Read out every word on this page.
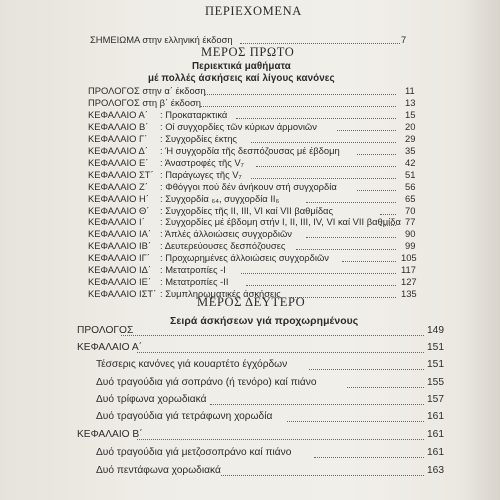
ΠΕΡΙΕΧΟΜΕΝΑ
ΣΗΜΕΙΩΜΑ στην ελληνική έκδοση	7
ΜΕΡΟΣ ΠΡΩΤΟ
Περιεκτικά μαθήματα
μέ πολλές άσκήσεις καί λίγους κανόνες
ΠΡΟΛΟΓΟΣ στην α΄ έκδοση	11
ΠΡΟΛΟΓΟΣ στη β΄ έκδοση	13
ΚΕΦΑΛΑΙΟ Α΄ : Προκαταρκτικά	15
ΚΕΦΑΛΑΙΟ Β΄ : Οί συγχορδίες τῶν κύριων άρμονιῶν	20
ΚΕΦΑΛΑΙΟ Γ΄ : Συγχορδίες έκτης	29
ΚΕΦΑΛΑΙΟ Δ΄ : Ή συγχορδία τῆς δεσπόζουσας μέ έβδομη	35
ΚΕΦΑΛΑΙΟ Ε΄ : Άναστροφές τῆς V₇	42
ΚΕΦΑΛΑΙΟ ΣΤ΄ : Παράγωγες τῆς V₇	51
ΚΕΦΑΛΑΙΟ Ζ΄ : Φθόγγοι πού δέν άνήκουν στή συγχορδία	56
ΚΕΦΑΛΑΙΟ Η΄ : Συγχορδία ₆₄, συγχορδία ΙΙ₆	65
ΚΕΦΑΛΑΙΟ Θ΄ : Συγχορδίες τῆς ΙΙ, ΙΙΙ, VI καί VII βαθμίδας	70
ΚΕΦΑΛΑΙΟ Ι΄ : Συγχορδίες μέ έβδομη στήν Ι, ΙΙ, ΙΙΙ, ΙV, VI καί VII βαθμίδα 77
ΚΕΦΑΛΑΙΟ ΙΑ΄ : Άπλές άλλοιώσεις συγχορδιῶν	90
ΚΕΦΑΛΑΙΟ ΙΒ΄ : Δευτερεύουσες δεσπόζουσες	99
ΚΕΦΑΛΑΙΟ ΙΓ΄ : Προχωρημένες άλλοιώσεις συγχορδιῶν	105
ΚΕΦΑΛΑΙΟ ΙΔ΄ : Μετατροπίες -Ι	117
ΚΕΦΑΛΑΙΟ ΙΕ΄ : Μετατροπίες -ΙΙ	127
ΚΕΦΑΛΑΙΟ ΙΣΤ΄ : Συμπληρωματικές άσκήσεις	135
ΜΕΡΟΣ ΔΕΥΤΕΡΟ
Σειρά άσκήσεων γιά προχωρημένους
ΠΡΟΛΟΓΟΣ	149
ΚΕΦΑΛΑΙΟ Α΄	151
Τέσσερις κανόνες γιά κουαρτέτο έγχόρδων	151
Δυό τραγούδια γιά σοπράνο (ή τενόρο) καί πιάνο	155
Δυό τρίφωνα χορωδιακά	157
Δυό τραγούδια γιά τετράφωνη χορωδία	161
ΚΕΦΑΛΑΙΟ Β΄	161
Δυό τραγούδια γιά μετζοσοπράνο καί πιάνο	161
Δυό πεντάφωνα χορωδιακά	163
